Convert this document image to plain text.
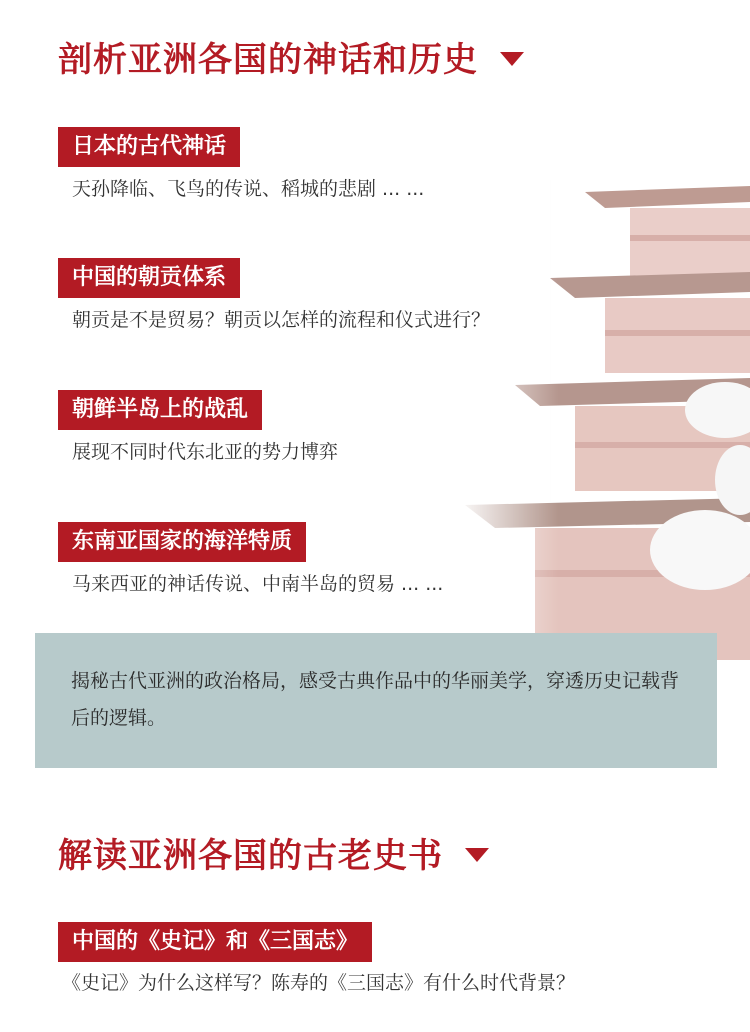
剖析亚洲各国的神话和历史
日本的古代神话
天孙降临、飞鸟的传说、稻城的悲剧 ... ...
中国的朝贡体系
朝贡是不是贸易？朝贡以怎样的流程和仪式进行？
朝鲜半岛上的战乱
展现不同时代东北亚的势力博弈
东南亚国家的海洋特质
马来西亚的神话传说、中南半岛的贸易 ... ...

揭秘古代亚洲的政治格局，感受古典作品中的华丽美学，穿透历史记载背后的逻辑。

解读亚洲各国的古老史书
中国的《史记》和《三国志》
《史记》为什么这样写？陈寿的《三国志》有什么时代背景？
